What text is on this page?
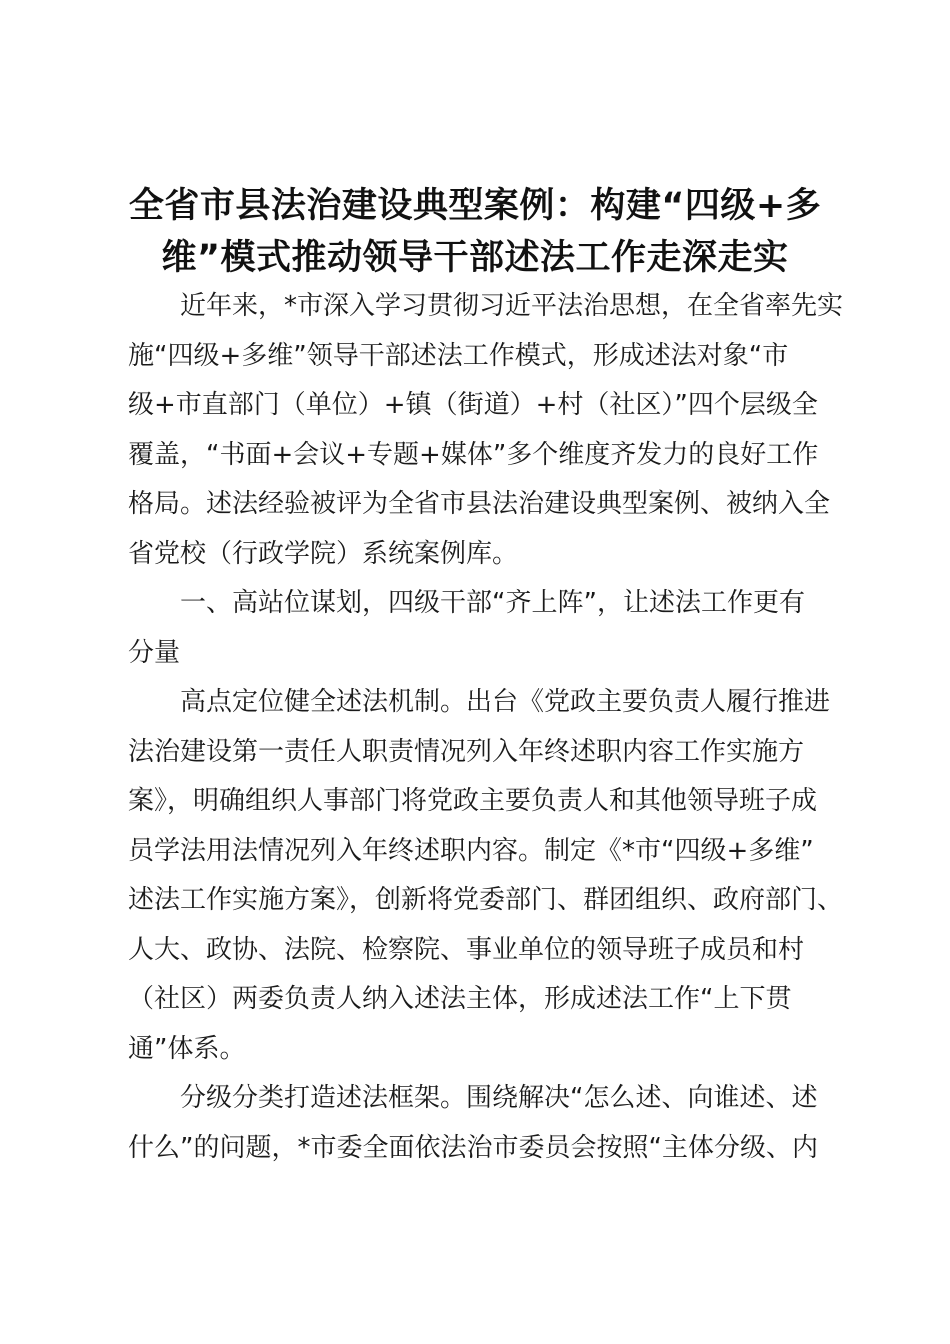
全省市县法治建设典型案例：构建“四级+多
维”模式推动领导干部述法工作走深走实
近年来，*市深入学习贯彻习近平法治思想，在全省率先实
施“四级+多维”领导干部述法工作模式，形成述法对象“市
级+市直部门（单位）+镇（街道）+村（社区）”四个层级全
覆盖，“书面+会议+专题+媒体”多个维度齐发力的良好工作
格局。述法经验被评为全省市县法治建设典型案例、被纳入全
省党校（行政学院）系统案例库。
一、高站位谋划，四级干部“齐上阵”，让述法工作更有
分量
高点定位健全述法机制。出台《党政主要负责人履行推进
法治建设第一责任人职责情况列入年终述职内容工作实施方
案》，明确组织人事部门将党政主要负责人和其他领导班子成
员学法用法情况列入年终述职内容。制定《*市“四级+多维”
述法工作实施方案》，创新将党委部门、群团组织、政府部门、
人大、政协、法院、检察院、事业单位的领导班子成员和村
（社区）两委负责人纳入述法主体，形成述法工作“上下贯
通”体系。
分级分类打造述法框架。围绕解决“怎么述、向谁述、述
什么”的问题，*市委全面依法治市委员会按照“主体分级、内
